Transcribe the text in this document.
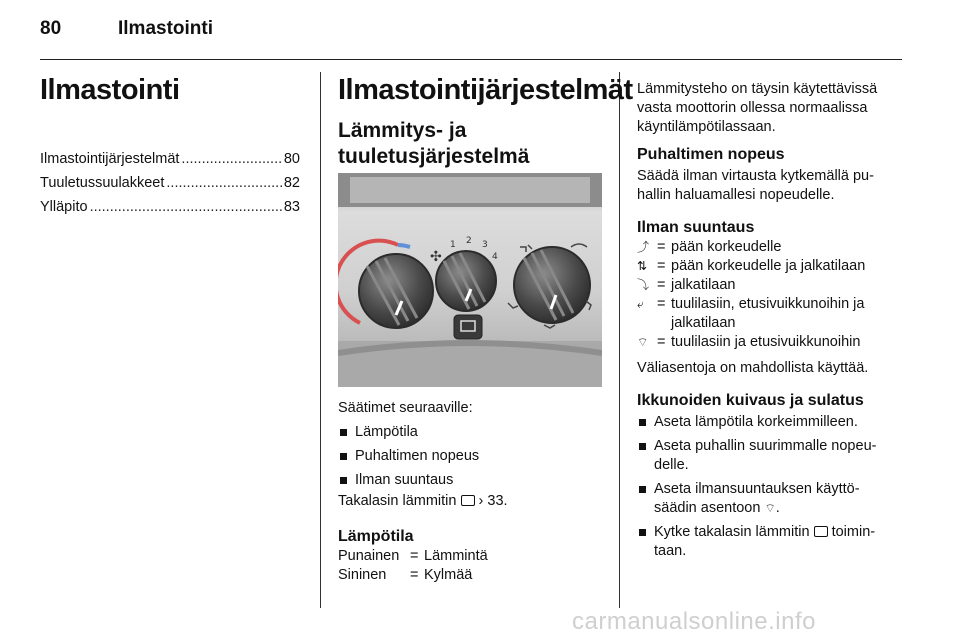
80	Ilmastointi
Ilmastointi
Ilmastointijärjestelmät .....	80
Tuuletussuulakkeet .....	82
Ylläpito .....	83
Ilmastointijärjestelmät
Lämmitys- ja
tuuletusjärjestelmä
✣
1 2 3
4
Säätimet seuraaville:
Lämpötila
Puhaltimen nopeus
Ilman suuntaus
Takalasin lämmitin › 33.
Lämpötila
Punainen = Lämmintä
Sininen	= Kylmää
Lämmitysteho on täysin käytettävissä
vasta moottorin ollessa normaalissa
käyntilämpötilassaan.
Puhaltimen nopeus
Säädä ilman virtausta kytkemällä pu-
hallin haluamallesi nopeudelle.
Ilman suuntaus
⤴ = pään korkeudelle
⇅ = pään korkeudelle ja jalkatilaan
⤵ = jalkatilaan
⤶ = tuulilasiin, etusivuikkunoihin ja
jalkatilaan
⌔ = tuulilasiin ja etusivuikkunoihin
Väliasentoja on mahdollista käyttää.
Ikkunoiden kuivaus ja sulatus
Aseta lämpötila korkeimmilleen.
Aseta puhallin suurimmalle nopeu-
delle.
Aseta ilmansuuntauksen käyttö-
säädin asentoon ⌔.
Kytke takalasin lämmitin toimin-
taan.
carmanualsonline.info
